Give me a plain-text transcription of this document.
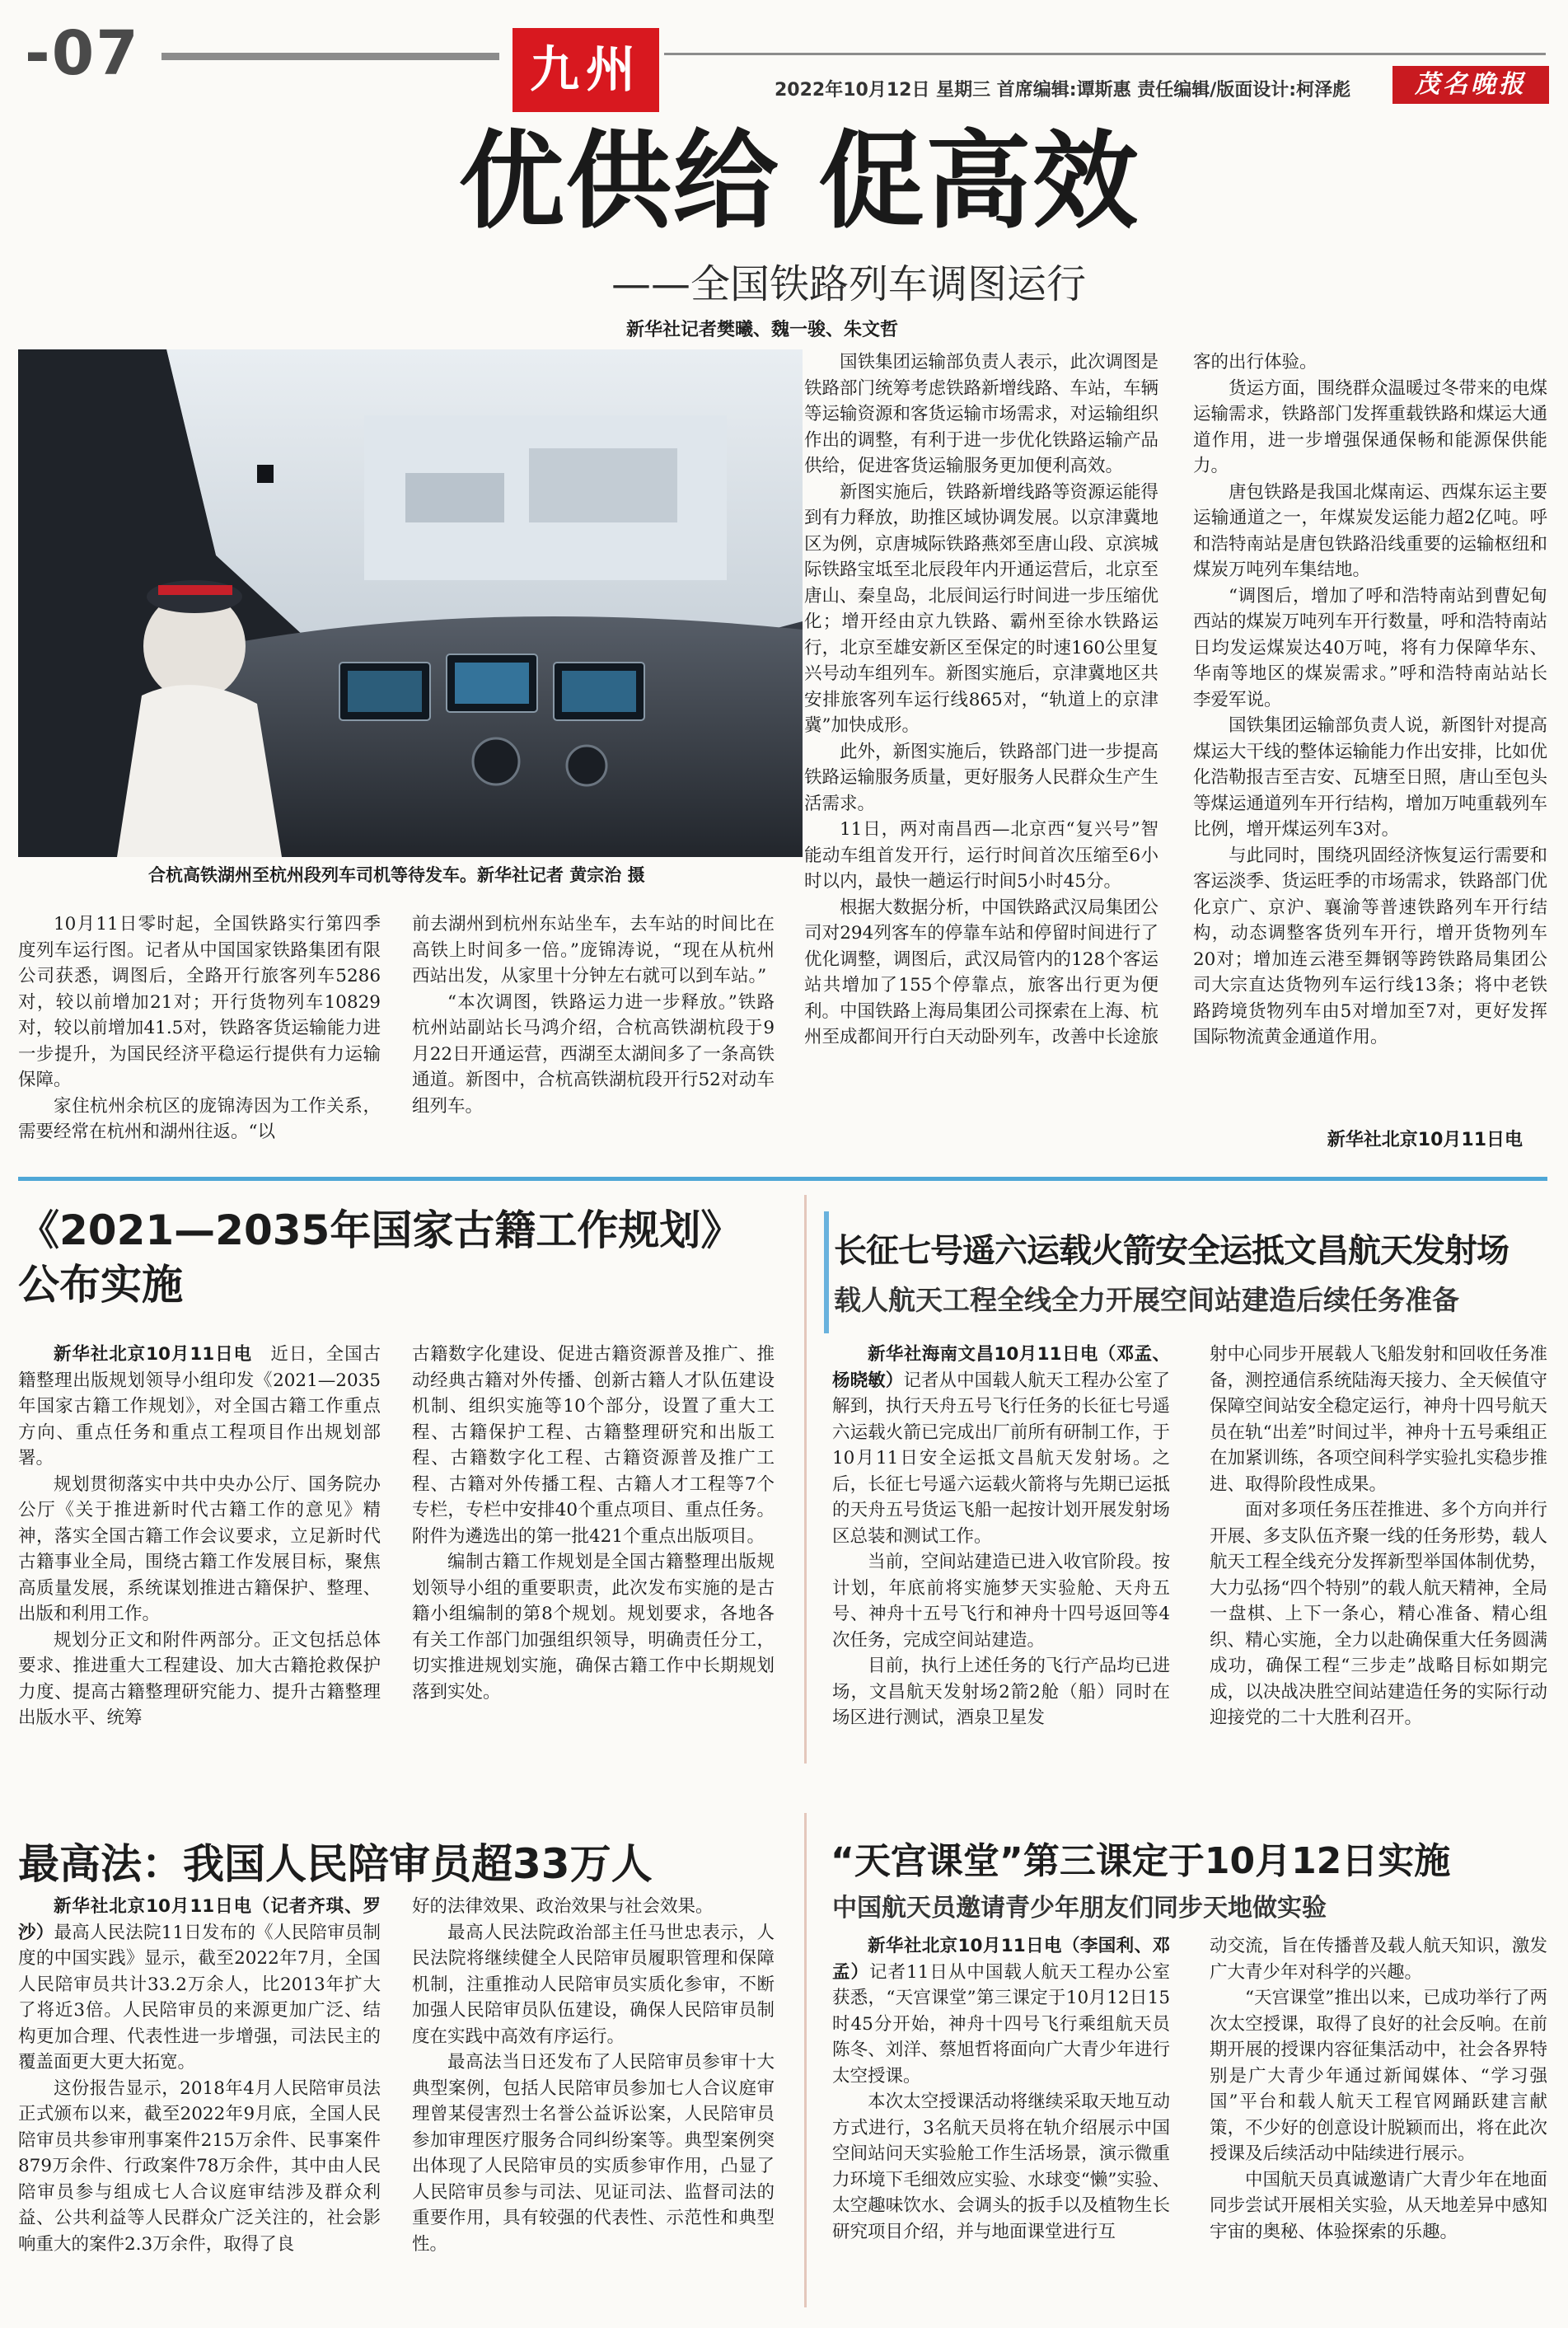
-07	九州	2022年10月12日 星期三 首席编辑:谭斯惠 责任编辑/版面设计:柯泽彪	茂名晚报
优供给 促高效
——全国铁路列车调图运行
新华社记者樊曦、魏一骏、朱文哲
合杭高铁湖州至杭州段列车司机等待发车。新华社记者 黄宗治 摄

10月11日零时起，全国铁路实行第四季度列车运行图。记者从中国国家铁路集团有限公司获悉，调图后，全路开行旅客列车5286对，较以前增加21对；开行货物列车10829对，较以前增加41.5对，铁路客货运输能力进一步提升，为国民经济平稳运行提供有力运输保障。

家住杭州余杭区的庞锦涛因为工作关系，需要经常在杭州和湖州往返。“以

前去湖州到杭州东站坐车，去车站的时间比在高铁上时间多一倍。”庞锦涛说，“现在从杭州西站出发，从家里十分钟左右就可以到车站。”

“本次调图，铁路运力进一步释放。”铁路杭州站副站长马鸿介绍，合杭高铁湖杭段于9月22日开通运营，西湖至太湖间多了一条高铁通道。新图中，合杭高铁湖杭段开行52对动车组列车。

国铁集团运输部负责人表示，此次调图是铁路部门统筹考虑铁路新增线路、车站，车辆等运输资源和客货运输市场需求，对运输组织作出的调整，有利于进一步优化铁路运输产品供给，促进客货运输服务更加便利高效。

新图实施后，铁路新增线路等资源运能得到有力释放，助推区域协调发展。以京津冀地区为例，京唐城际铁路燕郊至唐山段、京滨城际铁路宝坻至北辰段年内开通运营后，北京至唐山、秦皇岛，北辰间运行时间进一步压缩优化；增开经由京九铁路、霸州至徐水铁路运行，北京至雄安新区至保定的时速160公里复兴号动车组列车。新图实施后，京津冀地区共安排旅客列车运行线865对，“轨道上的京津冀”加快成形。

此外，新图实施后，铁路部门进一步提高铁路运输服务质量，更好服务人民群众生产生活需求。

11日，两对南昌西—北京西“复兴号”智能动车组首发开行，运行时间首次压缩至6小时以内，最快一趟运行时间5小时45分。

根据大数据分析，中国铁路武汉局集团公司对294列客车的停靠车站和停留时间进行了优化调整，调图后，武汉局管内的128个客运站共增加了155个停靠点，旅客出行更为便利。中国铁路上海局集团公司探索在上海、杭州至成都间开行白天动卧列车，改善中长途旅

客的出行体验。

货运方面，围绕群众温暖过冬带来的电煤运输需求，铁路部门发挥重载铁路和煤运大通道作用，进一步增强保通保畅和能源保供能力。

唐包铁路是我国北煤南运、西煤东运主要运输通道之一，年煤炭发运能力超2亿吨。呼和浩特南站是唐包铁路沿线重要的运输枢纽和煤炭万吨列车集结地。

“调图后，增加了呼和浩特南站到曹妃甸西站的煤炭万吨列车开行数量，呼和浩特南站日均发运煤炭达40万吨，将有力保障华东、华南等地区的煤炭需求。”呼和浩特南站站长李爱军说。

国铁集团运输部负责人说，新图针对提高煤运大干线的整体运输能力作出安排，比如优化浩勒报吉至吉安、瓦塘至日照，唐山至包头等煤运通道列车开行结构，增加万吨重载列车比例，增开煤运列车3对。

与此同时，围绕巩固经济恢复运行需要和客运淡季、货运旺季的市场需求，铁路部门优化京广、京沪、襄渝等普速铁路列车开行结构，动态调整客货列车开行，增开货物列车20对；增加连云港至舞钢等跨铁路局集团公司大宗直达货物列车运行线13条；将中老铁路跨境货物列车由5对增加至7对，更好发挥国际物流黄金通道作用。

新华社北京10月11日电
《2021—2035年国家古籍工作规划》
公布实施

新华社北京10月11日电　 近日，全国古籍整理出版规划领导小组印发《2021—2035年国家古籍工作规划》，对全国古籍工作重点方向、重点任务和重点工程项目作出规划部署。

规划贯彻落实中共中央办公厅、国务院办公厅《关于推进新时代古籍工作的意见》精神，落实全国古籍工作会议要求，立足新时代古籍事业全局，围绕古籍工作发展目标，聚焦高质量发展，系统谋划推进古籍保护、整理、出版和利用工作。

规划分正文和附件两部分。正文包括总体要求、推进重大工程建设、加大古籍抢救保护力度、提高古籍整理研究能力、提升古籍整理出版水平、统筹

古籍数字化建设、促进古籍资源普及推广、推动经典古籍对外传播、创新古籍人才队伍建设机制、组织实施等10个部分，设置了重大工程、古籍保护工程、古籍整理研究和出版工程、古籍数字化工程、古籍资源普及推广工程、古籍对外传播工程、古籍人才工程等7个专栏，专栏中安排40个重点项目、重点任务。附件为遴选出的第一批421个重点出版项目。

编制古籍工作规划是全国古籍整理出版规划领导小组的重要职责，此次发布实施的是古籍小组编制的第8个规划。规划要求，各地各有关工作部门加强组织领导，明确责任分工，切实推进规划实施，确保古籍工作中长期规划落到实处。

长征七号遥六运载火箭安全运抵文昌航天发射场
载人航天工程全线全力开展空间站建造后续任务准备

新华社海南文昌10月11日电（邓孟、杨晓敏）记者从中国载人航天工程办公室了解到，执行天舟五号飞行任务的长征七号遥六运载火箭已完成出厂前所有研制工作，于10月11日安全运抵文昌航天发射场。之后，长征七号遥六运载火箭将与先期已运抵的天舟五号货运飞船一起按计划开展发射场区总装和测试工作。

当前，空间站建造已进入收官阶段。按计划，年底前将实施梦天实验舱、天舟五号、神舟十五号飞行和神舟十四号返回等4次任务，完成空间站建造。

目前，执行上述任务的飞行产品均已进场，文昌航天发射场2箭2舱（船）同时在场区进行测试，酒泉卫星发

射中心同步开展载人飞船发射和回收任务准备，测控通信系统陆海天接力、全天候值守保障空间站安全稳定运行，神舟十四号航天员在轨“出差”时间过半，神舟十五号乘组正在加紧训练，各项空间科学实验扎实稳步推进、取得阶段性成果。

面对多项任务压茬推进、多个方向并行开展、多支队伍齐聚一线的任务形势，载人航天工程全线充分发挥新型举国体制优势，大力弘扬“四个特别”的载人航天精神，全局一盘棋、上下一条心，精心准备、精心组织、精心实施，全力以赴确保重大任务圆满成功，确保工程“三步走”战略目标如期完成，以决战决胜空间站建造任务的实际行动迎接党的二十大胜利召开。

最高法：我国人民陪审员超33万人

新华社北京10月11日电（记者齐琪、罗沙）最高人民法院11日发布的《人民陪审员制度的中国实践》显示，截至2022年7月，全国人民陪审员共计33.2万余人，比2013年扩大了将近3倍。人民陪审员的来源更加广泛、结构更加合理、代表性进一步增强，司法民主的覆盖面更大更大拓宽。

这份报告显示，2018年4月人民陪审员法正式颁布以来，截至2022年9月底，全国人民陪审员共参审刑事案件215万余件、民事案件879万余件、行政案件78万余件，其中由人民陪审员参与组成七人合议庭审结涉及群众利益、公共利益等人民群众广泛关注的，社会影响重大的案件2.3万余件，取得了良

好的法律效果、政治效果与社会效果。

最高人民法院政治部主任马世忠表示，人民法院将继续健全人民陪审员履职管理和保障机制，注重推动人民陪审员实质化参审，不断加强人民陪审员队伍建设，确保人民陪审员制度在实践中高效有序运行。

最高法当日还发布了人民陪审员参审十大典型案例，包括人民陪审员参加七人合议庭审理曾某侵害烈士名誉公益诉讼案，人民陪审员参加审理医疗服务合同纠纷案等。典型案例突出体现了人民陪审员的实质参审作用，凸显了人民陪审员参与司法、见证司法、监督司法的重要作用，具有较强的代表性、示范性和典型性。

“天宫课堂”第三课定于10月12日实施
中国航天员邀请青少年朋友们同步天地做实验

新华社北京10月11日电（李国利、邓孟）记者11日从中国载人航天工程办公室获悉，“天宫课堂”第三课定于10月12日15时45分开始，神舟十四号飞行乘组航天员陈冬、刘洋、蔡旭哲将面向广大青少年进行太空授课。

本次太空授课活动将继续采取天地互动方式进行，3名航天员将在轨介绍展示中国空间站问天实验舱工作生活场景，演示微重力环境下毛细效应实验、水球变“懒”实验、太空趣味饮水、会调头的扳手以及植物生长研究项目介绍，并与地面课堂进行互

动交流，旨在传播普及载人航天知识，激发广大青少年对科学的兴趣。

“天宫课堂”推出以来，已成功举行了两次太空授课，取得了良好的社会反响。在前期开展的授课内容征集活动中，社会各界特别是广大青少年通过新闻媒体、“学习强国”平台和载人航天工程官网踊跃建言献策，不少好的创意设计脱颖而出，将在此次授课及后续活动中陆续进行展示。

中国航天员真诚邀请广大青少年在地面同步尝试开展相关实验，从天地差异中感知宇宙的奥秘、体验探索的乐趣。
